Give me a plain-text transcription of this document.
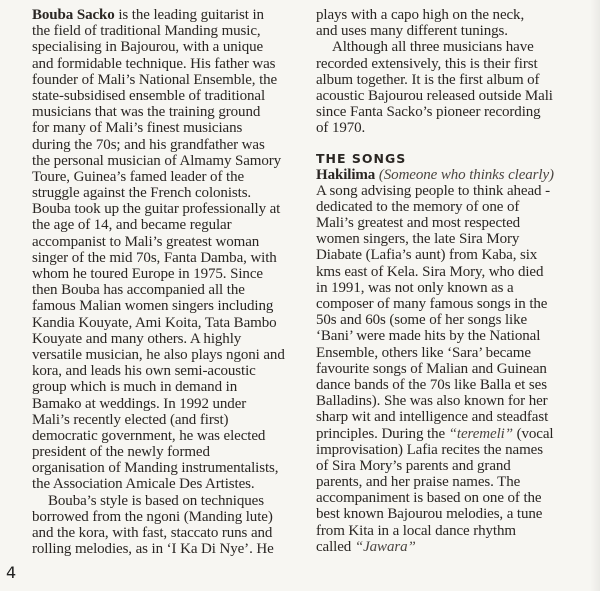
Bouba Sacko is the leading guitarist in
the field of traditional Manding music,
specialising in Bajourou, with a unique
and formidable technique. His father was
founder of Mali’s National Ensemble, the
state-subsidised ensemble of traditional
musicians that was the training ground
for many of Mali’s finest musicians
during the 70s; and his grandfather was
the personal musician of Almamy Samory
Toure, Guinea’s famed leader of the
struggle against the French colonists.
Bouba took up the guitar professionally at
the age of 14, and became regular
accompanist to Mali’s greatest woman
singer of the mid 70s, Fanta Damba, with
whom he toured Europe in 1975. Since
then Bouba has accompanied all the
famous Malian women singers including
Kandia Kouyate, Ami Koita, Tata Bambo
Kouyate and many others. A highly
versatile musician, he also plays ngoni and
kora, and leads his own semi-acoustic
group which is much in demand in
Bamako at weddings. In 1992 under
Mali’s recently elected (and first)
democratic government, he was elected
president of the newly formed
organisation of Manding instrumentalists,
the Association Amicale Des Artistes.
Bouba’s style is based on techniques
borrowed from the ngoni (Manding lute)
and the kora, with fast, staccato runs and
rolling melodies, as in ‘I Ka Di Nye’. He
plays with a capo high on the neck,
and uses many different tunings.
Although all three musicians have
recorded extensively, this is their first
album together. It is the first album of
acoustic Bajourou released outside Mali
since Fanta Sacko’s pioneer recording
of 1970.
THE SONGS
Hakilima (Someone who thinks clearly)
A song advising people to think ahead -
dedicated to the memory of one of
Mali’s greatest and most respected
women singers, the late Sira Mory
Diabate (Lafia’s aunt) from Kaba, six
kms east of Kela. Sira Mory, who died
in 1991, was not only known as a
composer of many famous songs in the
50s and 60s (some of her songs like
‘Bani’ were made hits by the National
Ensemble, others like ‘Sara’ became
favourite songs of Malian and Guinean
dance bands of the 70s like Balla et ses
Balladins). She was also known for her
sharp wit and intelligence and steadfast
principles. During the “teremeli” (vocal
improvisation) Lafia recites the names
of Sira Mory’s parents and grand
parents, and her praise names. The
accompaniment is based on one of the
best known Bajourou melodies, a tune
from Kita in a local dance rhythm
called “Jawara”
4
